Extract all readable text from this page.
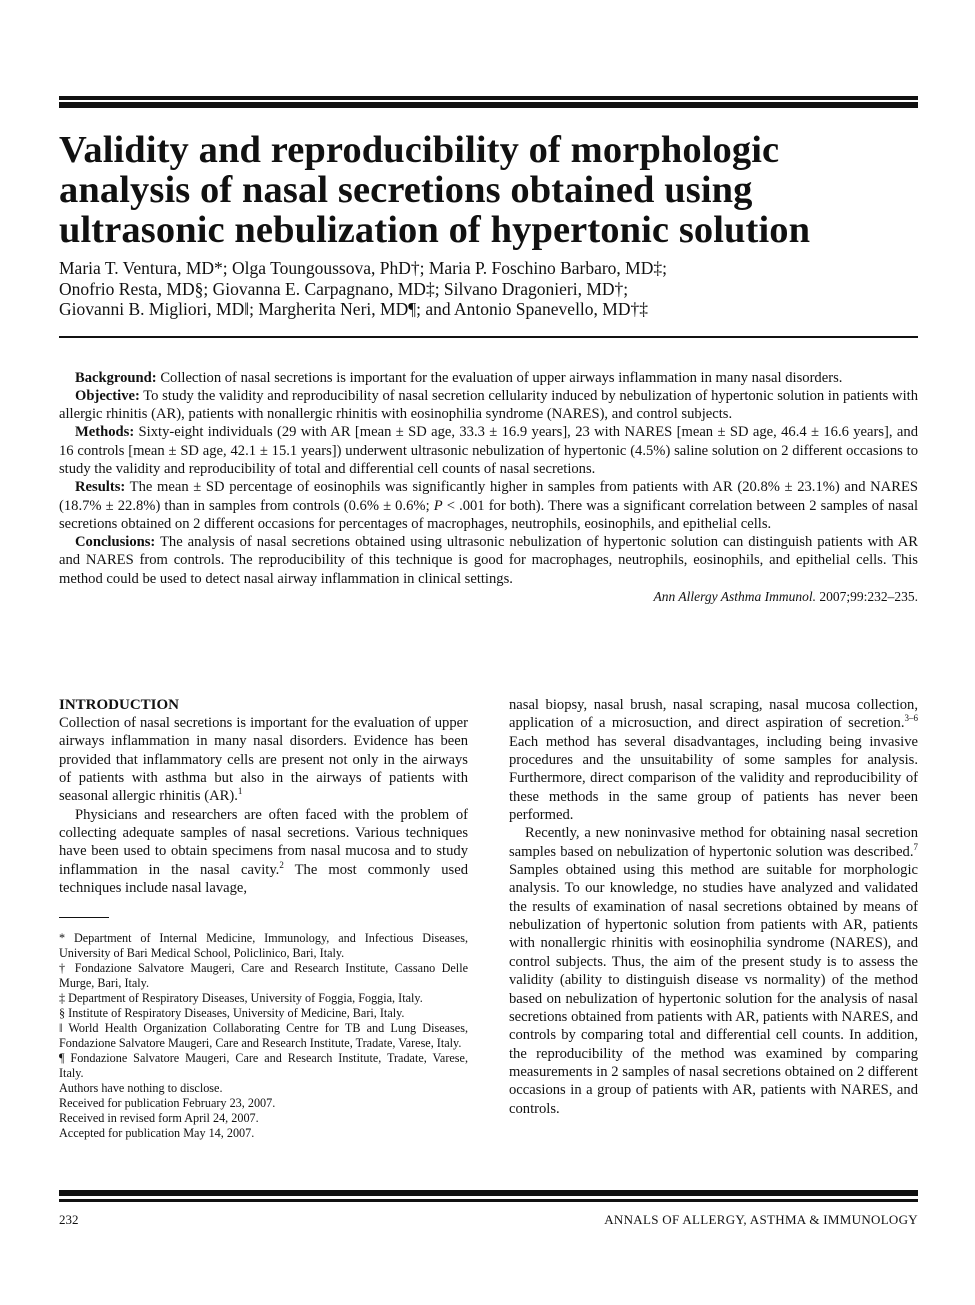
Validity and reproducibility of morphologic analysis of nasal secretions obtained using ultrasonic nebulization of hypertonic solution
Maria T. Ventura, MD*; Olga Toungoussova, PhD†; Maria P. Foschino Barbaro, MD‡;
Onofrio Resta, MD§; Giovanna E. Carpagnano, MD‡; Silvano Dragonieri, MD†;
Giovanni B. Migliori, MD‖; Margherita Neri, MD¶; and Antonio Spanevello, MD†‡

Background: Collection of nasal secretions is important for the evaluation of upper airways inflammation in many nasal disorders.

Objective: To study the validity and reproducibility of nasal secretion cellularity induced by nebulization of hypertonic solution in patients with allergic rhinitis (AR), patients with nonallergic rhinitis with eosinophilia syndrome (NARES), and control subjects.

Methods: Sixty-eight individuals (29 with AR [mean ± SD age, 33.3 ± 16.9 years], 23 with NARES [mean ± SD age, 46.4 ± 16.6 years], and 16 controls [mean ± SD age, 42.1 ± 15.1 years]) underwent ultrasonic nebulization of hypertonic (4.5%) saline solution on 2 different occasions to study the validity and reproducibility of total and differential cell counts of nasal secretions.

Results: The mean ± SD percentage of eosinophils was significantly higher in samples from patients with AR (20.8% ± 23.1%) and NARES (18.7% ± 22.8%) than in samples from controls (0.6% ± 0.6%; P < .001 for both). There was a significant correlation between 2 samples of nasal secretions obtained on 2 different occasions for percentages of macrophages, neutrophils, eosinophils, and epithelial cells.

Conclusions: The analysis of nasal secretions obtained using ultrasonic nebulization of hypertonic solution can distinguish patients with AR and NARES from controls. The reproducibility of this technique is good for macrophages, neutrophils, eosinophils, and epithelial cells. This method could be used to detect nasal airway inflammation in clinical settings.

Ann Allergy Asthma Immunol. 2007;99:232–235.
INTRODUCTION

Collection of nasal secretions is important for the evaluation of upper airways inflammation in many nasal disorders. Evidence has been provided that inflammatory cells are present not only in the airways of patients with asthma but also in the airways of patients with seasonal allergic rhinitis (AR).$^1$

Physicians and researchers are often faced with the problem of collecting adequate samples of nasal secretions. Various techniques have been used to obtain specimens from nasal mucosa and to study inflammation in the nasal cavity.$^2$ The most commonly used techniques include nasal lavage,

* Department of Internal Medicine, Immunology, and Infectious Diseases, University of Bari Medical School, Policlinico, Bari, Italy.
† Fondazione Salvatore Maugeri, Care and Research Institute, Cassano Delle Murge, Bari, Italy.
‡ Department of Respiratory Diseases, University of Foggia, Foggia, Italy.
§ Institute of Respiratory Diseases, University of Medicine, Bari, Italy.
‖ World Health Organization Collaborating Centre for TB and Lung Diseases, Fondazione Salvatore Maugeri, Care and Research Institute, Tradate, Varese, Italy.
¶ Fondazione Salvatore Maugeri, Care and Research Institute, Tradate, Varese, Italy.
Authors have nothing to disclose.
Received for publication February 23, 2007.
Received in revised form April 24, 2007.
Accepted for publication May 14, 2007.

nasal biopsy, nasal brush, nasal scraping, nasal mucosa collection, application of a microsuction, and direct aspiration of secretion.$^{3-6}$ Each method has several disadvantages, including being invasive procedures and the unsuitability of some samples for analysis. Furthermore, direct comparison of the validity and reproducibility of these methods in the same group of patients has never been performed.

Recently, a new noninvasive method for obtaining nasal secretion samples based on nebulization of hypertonic solution was described.$^7$ Samples obtained using this method are suitable for morphologic analysis. To our knowledge, no studies have analyzed and validated the results of examination of nasal secretions obtained by means of nebulization of hypertonic solution from patients with AR, patients with nonallergic rhinitis with eosinophilia syndrome (NARES), and control subjects. Thus, the aim of the present study is to assess the validity (ability to distinguish disease vs normality) of the method based on nebulization of hypertonic solution for the analysis of nasal secretions obtained from patients with AR, patients with NARES, and controls by comparing total and differential cell counts. In addition, the reproducibility of the method was examined by comparing measurements in 2 samples of nasal secretions obtained on 2 different occasions in a group of patients with AR, patients with NARES, and controls.

232	ANNALS OF ALLERGY, ASTHMA & IMMUNOLOGY
